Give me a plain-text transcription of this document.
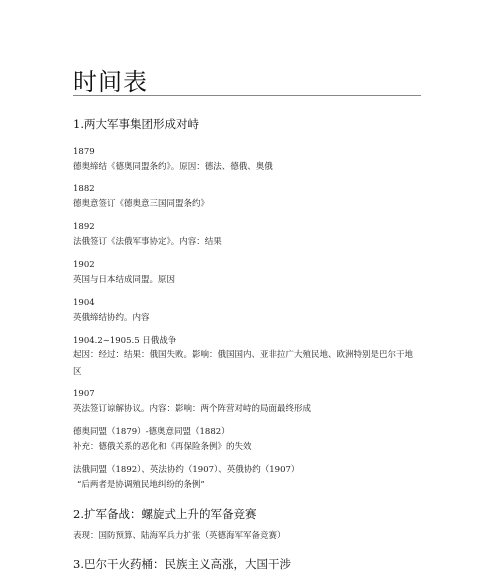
时间表
1.两大军事集团形成对峙
1879
德奥缔结《德奥同盟条约》。原因：德法、德俄、奥俄
1882
德奥意签订《德奥意三国同盟条约》
1892
法俄签订《法俄军事协定》。内容：结果
1902
英国与日本结成同盟。原因
1904
英俄缔结协约。内容
1904.2~1905.5 日俄战争
起因：经过：结果：俄国失败。影响：俄国国内、亚非拉广大殖民地、欧洲特别是巴尔干地区
1907
英法签订谅解协议。内容：影响：两个阵营对峙的局面最终形成
德奥同盟（1879）-德奥意同盟（1882）
补充：德俄关系的恶化和《再保险条例》的失效
法俄同盟（1892）、英法协约（1907）、英俄协约（1907）
“后两者是协调殖民地纠纷的条例”
2.扩军备战：螺旋式上升的军备竞赛
表现：国防预算、陆海军兵力扩张（英德海军军备竞赛）
3.巴尔干火药桶：民族主义高涨，大国干涉
